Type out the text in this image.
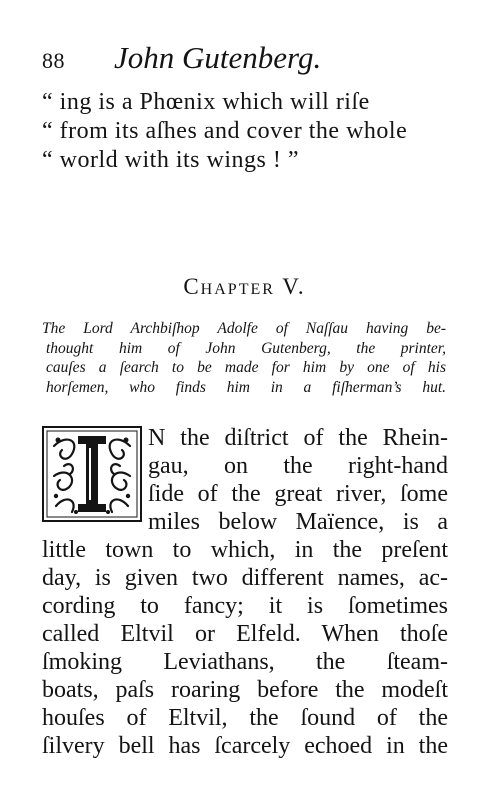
88 John Gutenberg.
“ ing is a Phœnix which will riſe
“ from its aſhes and cover the whole
“ world with its wings ! ”
Chapter V.
The Lord Archbiſhop Adolfe of Naſſau having be-
thought him of John Gutenberg, the printer,
cauſes a ſearch to be made for him by one of his
horſemen, who finds him in a fiſherman’s hut.
N the diſtrict of the Rhein-
gau, on the right-hand
ſide of the great river, ſome
miles below Maïence, is a
little town to which, in the preſent
day, is given two different names, ac-
cording to fancy; it is ſometimes
called Eltvil or Elfeld. When thoſe
ſmoking Leviathans, the ſteam-
boats, paſs roaring before the modeſt
houſes of Eltvil, the ſound of the
ſilvery bell has ſcarcely echoed in the
